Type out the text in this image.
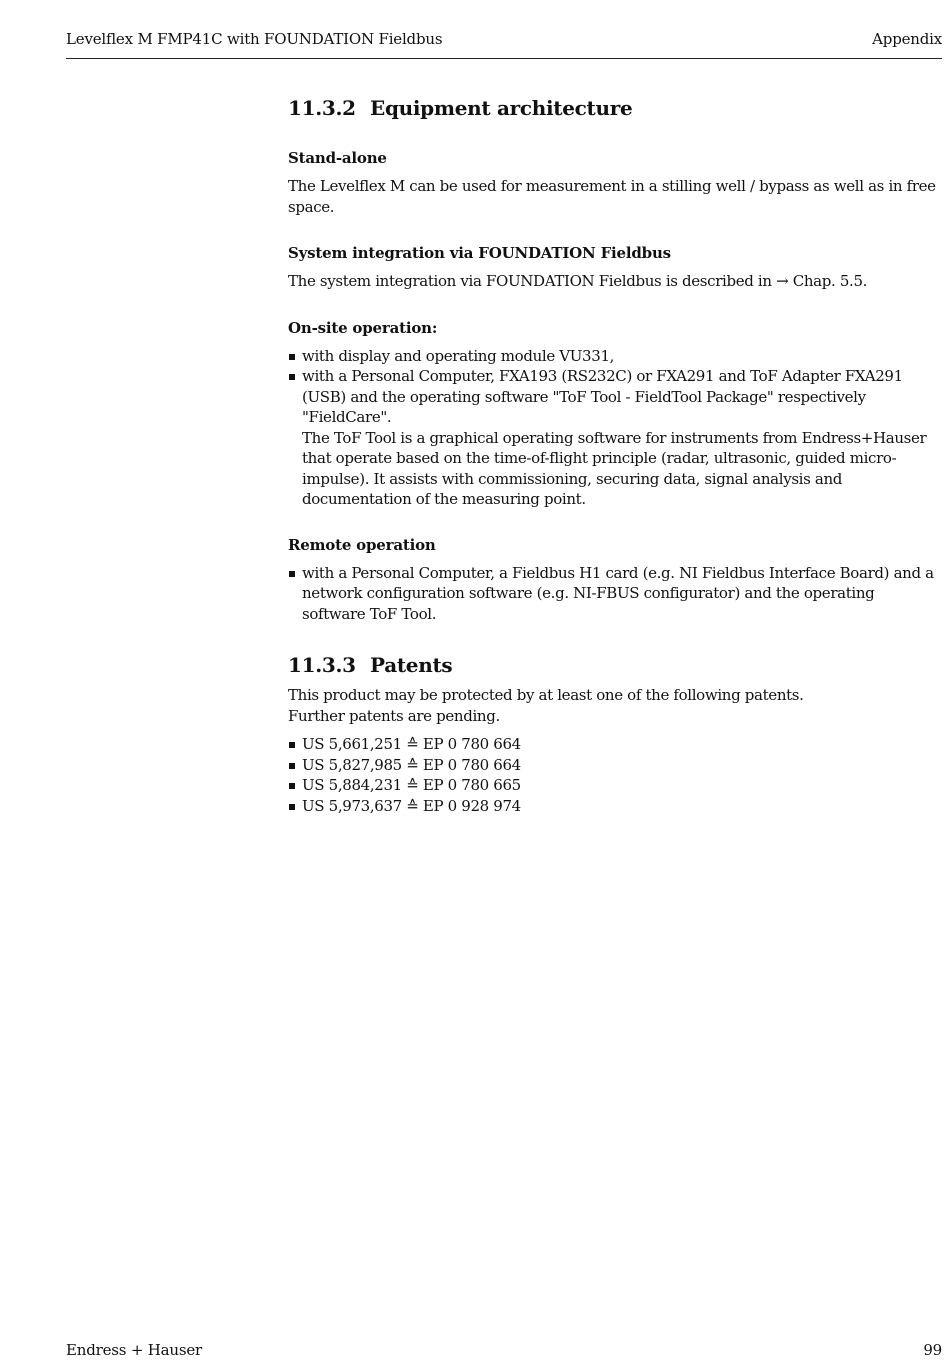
Levelflex M FMP41C with FOUNDATION Fieldbus	Appendix
11.3.2 Equipment architecture
Stand-alone

The Levelflex M can be used for measurement in a stilling well / bypass as well as in free space.

System integration via FOUNDATION Fieldbus

The system integration via FOUNDATION Fieldbus is described in → Chap. 5.5.

On-site operation:
with display and operating module VU331,
with a Personal Computer, FXA193 (RS232C) or FXA291 and ToF Adapter FXA291 (USB) and the operating software "ToF Tool - FieldTool Package" respectively "FieldCare".
The ToF Tool is a graphical operating software for instruments from Endress+Hauser that operate based on the time-of-flight principle (radar, ultrasonic, guided micro-impulse). It assists with commissioning, securing data, signal analysis and documentation of the measuring point.
Remote operation
with a Personal Computer, a Fieldbus H1 card (e.g. NI Fieldbus Interface Board) and a network configuration software (e.g. NI-FBUS configurator) and the operating software ToF Tool.
11.3.3 Patents

This product may be protected by at least one of the following patents.
Further patents are pending.

US 5,661,251 ≙ EP 0 780 664
US 5,827,985 ≙ EP 0 780 664
US 5,884,231 ≙ EP 0 780 665
US 5,973,637 ≙ EP 0 928 974
Endress + Hauser	99
